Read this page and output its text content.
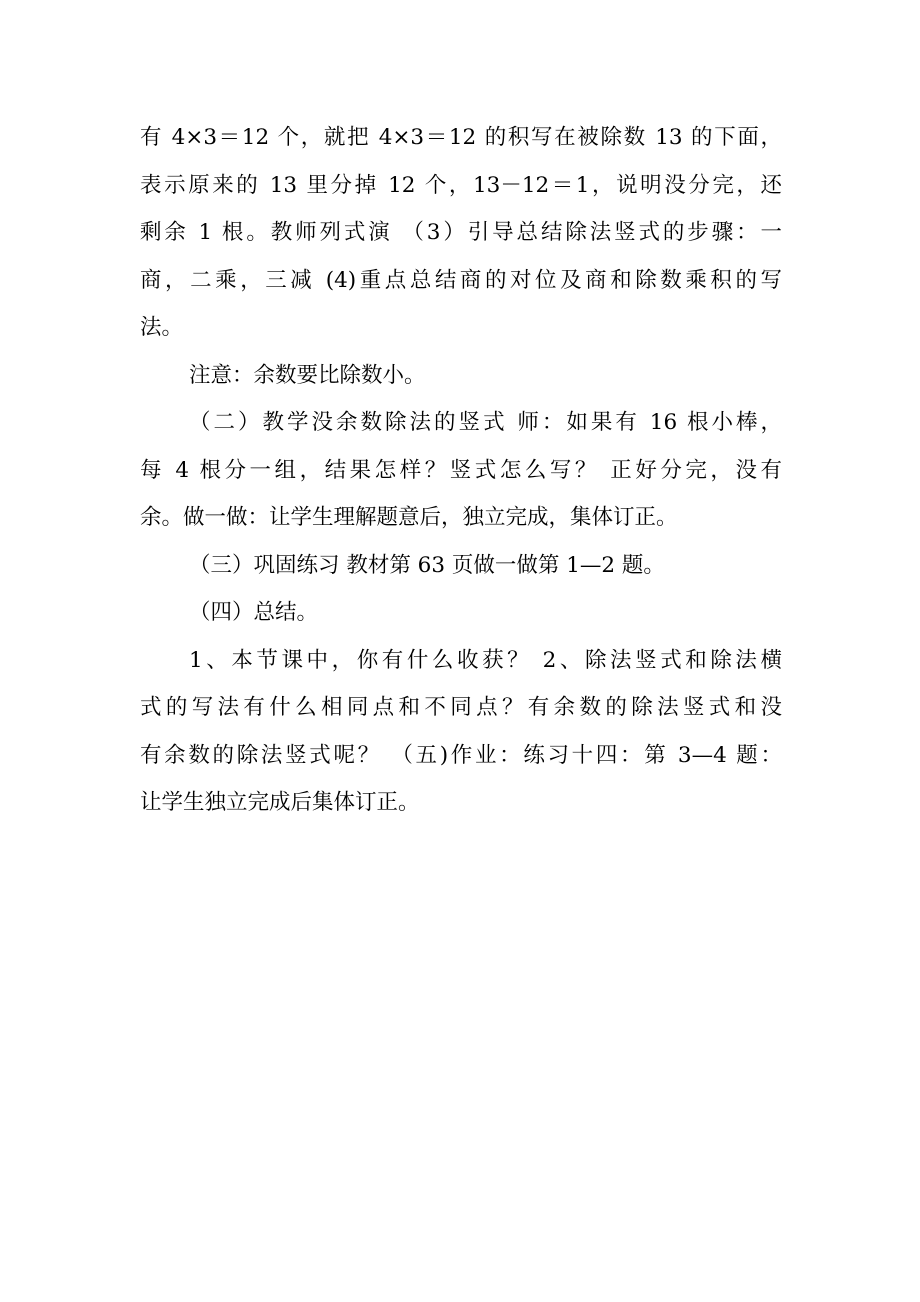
有 4×3＝12 个，就把 4×3＝12 的积写在被除数 13 的下面，
表示原来的 13 里分掉 12 个，13－12＝1，说明没分完，还
剩余 1 根。教师列式演 （3）引导总结除法竖式的步骤：一
商，二乘，三减 (4)重点总结商的对位及商和除数乘积的写
法。

注意：余数要比除数小。

（二）教学没余数除法的竖式 师：如果有 16 根小棒，
每 4 根分一组，结果怎样？竖式怎么写？ 正好分完，没有
余。做一做：让学生理解题意后，独立完成，集体订正。

（三）巩固练习 教材第 63 页做一做第 1—2 题。

（四）总结。

1、本节课中，你有什么收获？ 2、除法竖式和除法横
式的写法有什么相同点和不同点？有余数的除法竖式和没
有余数的除法竖式呢？ （五)作业：练习十四：第 3—4 题：
让学生独立完成后集体订正。
